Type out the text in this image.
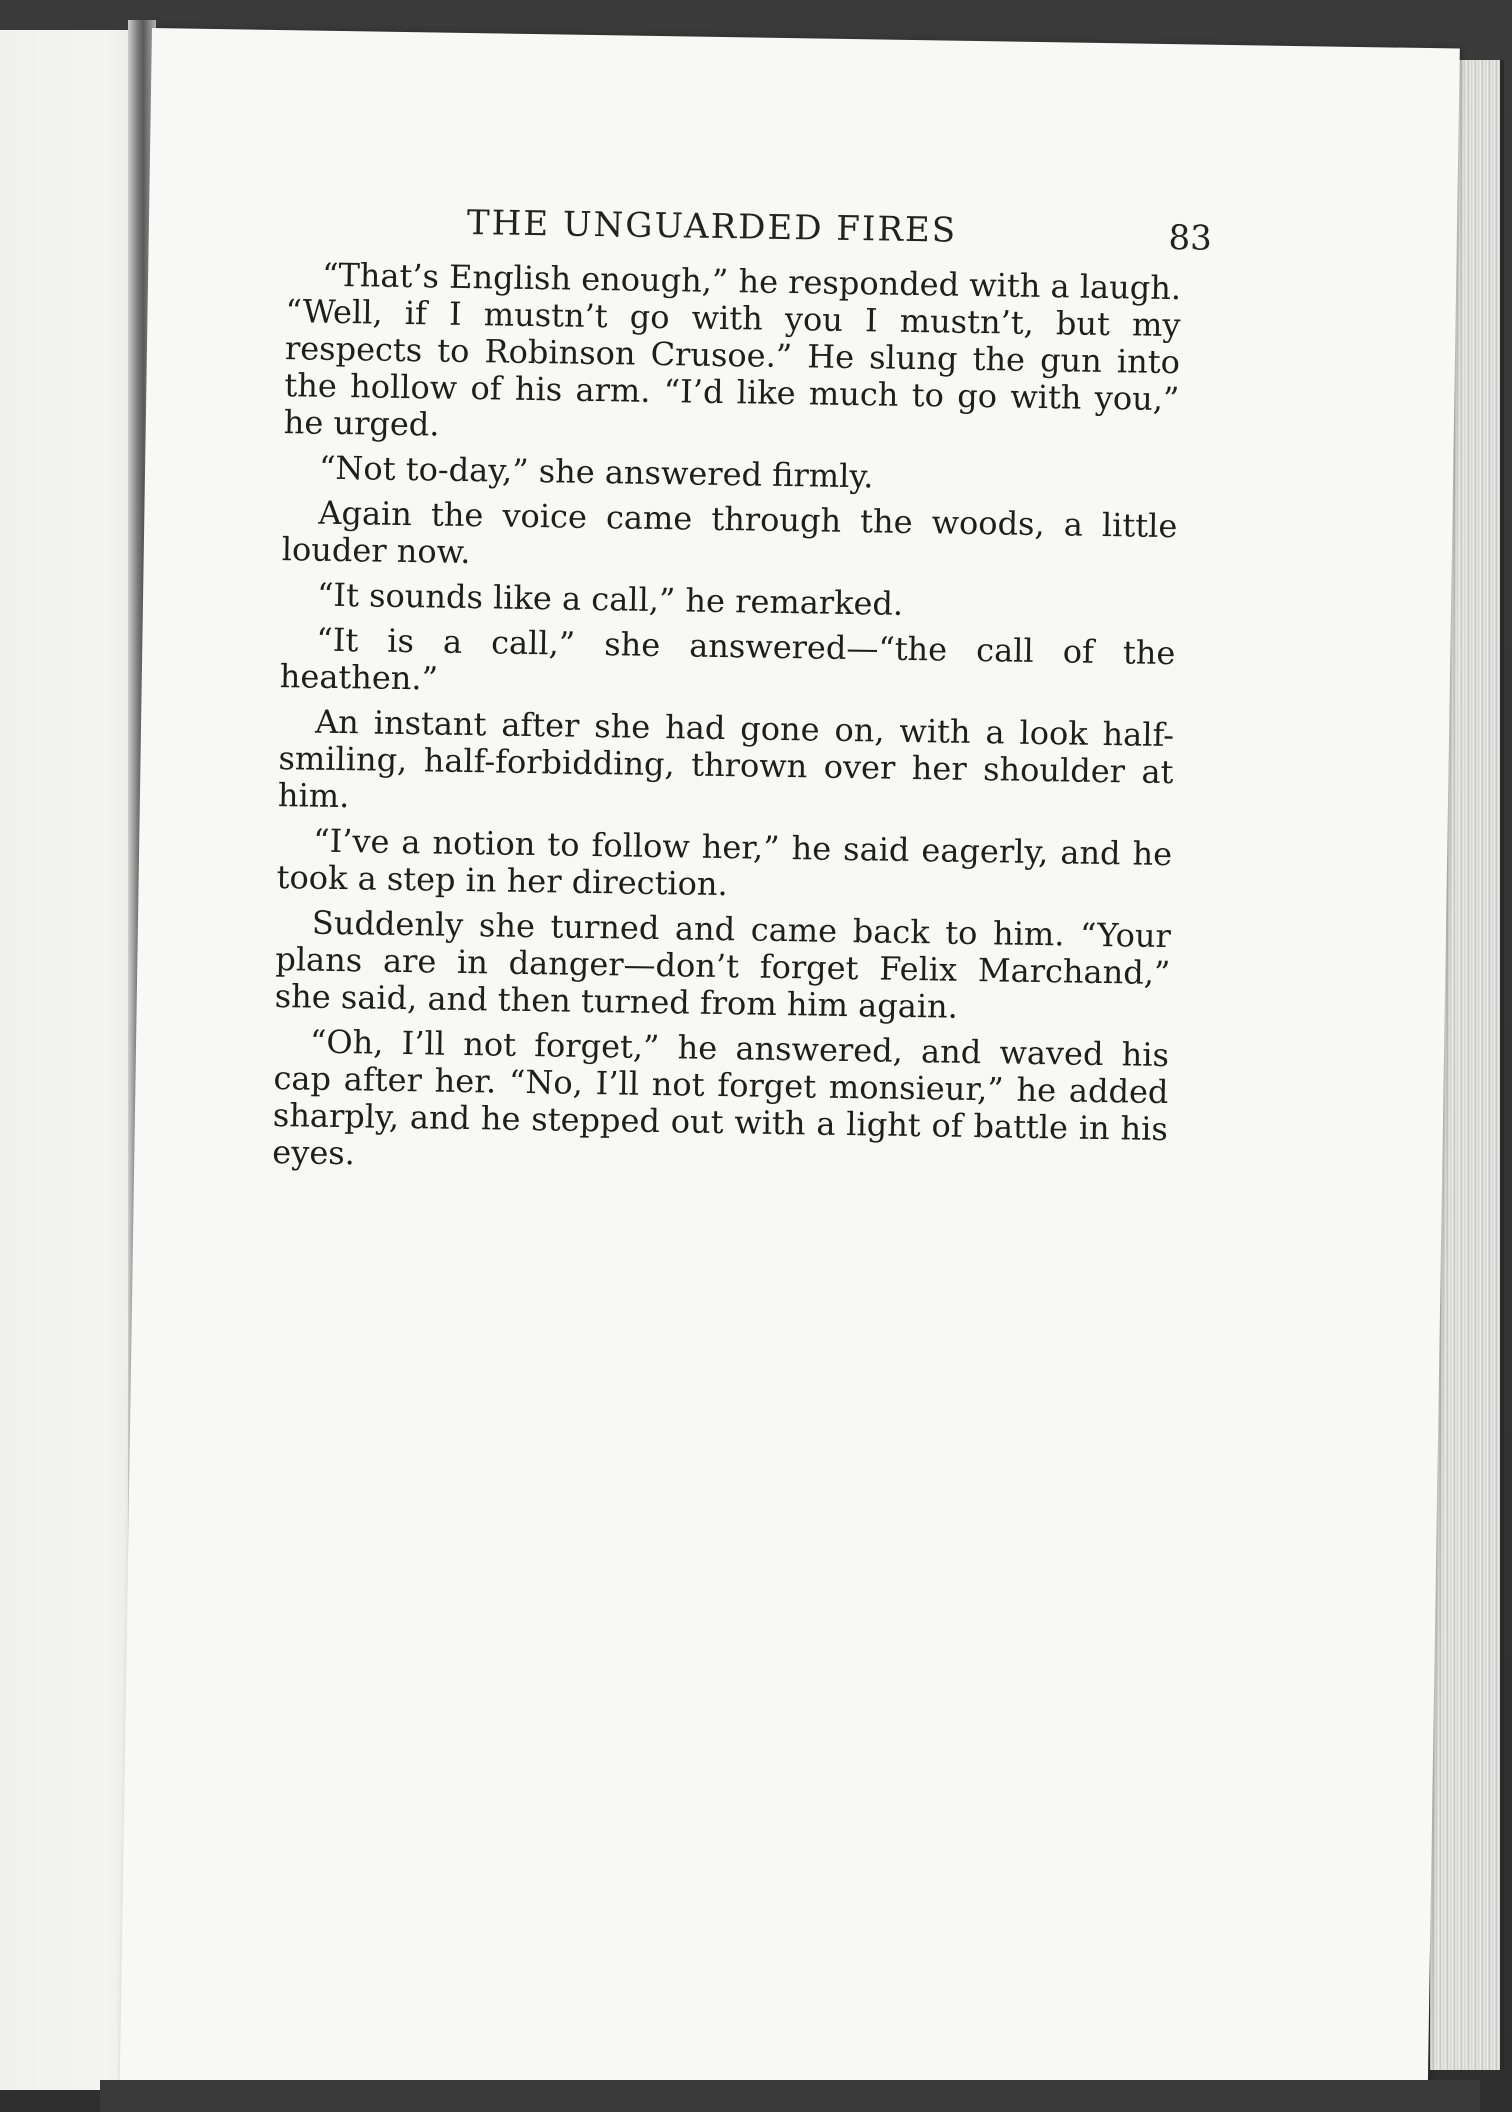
THE UNGUARDED FIRES	83

“That’s English enough,” he responded with a laugh. “Well, if I mustn’t go with you I mustn’t, but my respects to Robinson Crusoe.” He slung the gun into the hollow of his arm. “I’d like much to go with you,” he urged.

“Not to-day,” she answered firmly.

Again the voice came through the woods, a little louder now.

“It sounds like a call,” he remarked.

“It is a call,” she answered—“the call of the heathen.”

An instant after she had gone on, with a look half-smiling, half-forbidding, thrown over her shoulder at him.

“I’ve a notion to follow her,” he said eagerly, and he took a step in her direction.

Suddenly she turned and came back to him. “Your plans are in danger—don’t forget Felix Marchand,” she said, and then turned from him again.

“Oh, I’ll not forget,” he answered, and waved his cap after her. “No, I’ll not forget monsieur,” he added sharply, and he stepped out with a light of battle in his eyes.
